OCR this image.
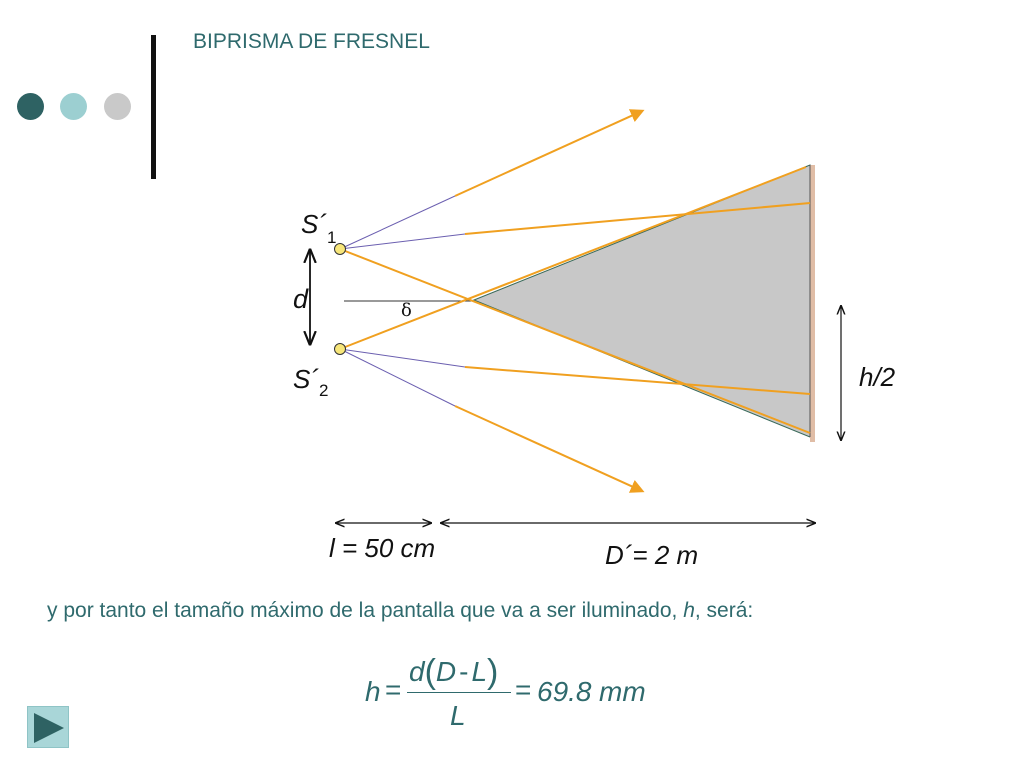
BIPRISMA DE FRESNEL
$S´_1$
$S´_2$
d	δ
h/2
l = 50 cm	D´= 2 m
y por tanto el tamaño máximo de la pantalla que va a ser iluminado, h, será:
h =
d(D - L)
L
= 69.8 mm
